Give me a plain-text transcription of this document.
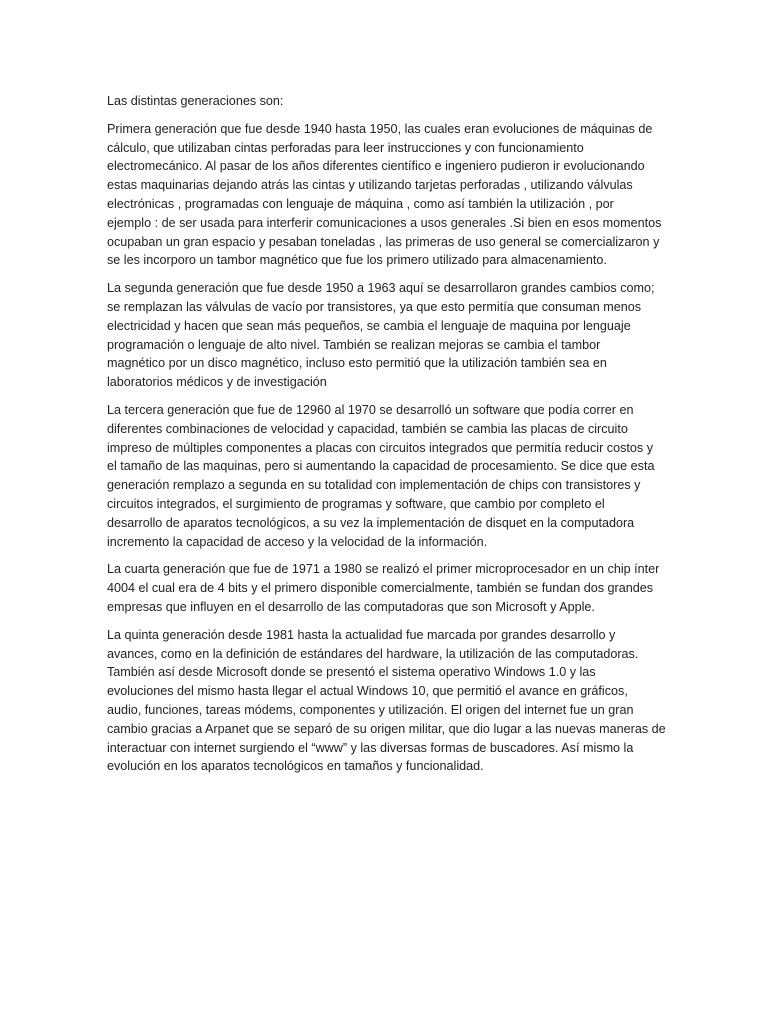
Las distintas generaciones son:
Primera generación que fue desde 1940 hasta 1950, las cuales eran evoluciones de máquinas de
cálculo, que utilizaban cintas perforadas para leer instrucciones y con funcionamiento
electromecánico. Al pasar de los años diferentes científico e ingeniero pudieron ir evolucionando
estas maquinarias dejando atrás las cintas y utilizando tarjetas perforadas , utilizando válvulas
electrónicas , programadas con lenguaje de máquina , como así también la utilización , por
ejemplo : de ser usada para interferir comunicaciones a usos generales .Si bien en esos momentos
ocupaban un gran espacio y pesaban toneladas , las primeras de uso general se comercializaron y
se les incorporo un tambor magnético que fue los primero utilizado para almacenamiento.
La segunda generación que fue desde 1950 a 1963 aquí se desarrollaron grandes cambios como;
se remplazan las válvulas de vacío por transistores, ya que esto permitía que consuman menos
electricidad y hacen que sean más pequeños, se cambia el lenguaje de maquina por lenguaje
programación o lenguaje de alto nivel. También se realizan mejoras se cambia el tambor
magnético por un disco magnético, incluso esto permitió que la utilización también sea en
laboratorios médicos y de investigación
La tercera generación que fue de 12960 al 1970 se desarrolló un software que podía correr en
diferentes combinaciones de velocidad y capacidad, también se cambia las placas de circuito
impreso de múltiples componentes a placas con circuitos integrados que permitía reducir costos y
el tamaño de las maquinas, pero si aumentando la capacidad de procesamiento. Se dice que esta
generación remplazo a segunda en su totalidad con implementación de chips con transistores y
circuitos integrados, el surgimiento de programas y software, que cambio por completo el
desarrollo de aparatos tecnológicos, a su vez la implementación de disquet en la computadora
incremento la capacidad de acceso y la velocidad de la información.
La cuarta generación que fue de 1971 a 1980 se realizó el primer microprocesador en un chip ínter
4004 el cual era de 4 bits y el primero disponible comercialmente, también se fundan dos grandes
empresas que influyen en el desarrollo de las computadoras que son Microsoft y Apple.
La quinta generación desde 1981 hasta la actualidad fue marcada por grandes desarrollo y
avances, como en la definición de estándares del hardware, la utilización de las computadoras.
También así desde Microsoft donde se presentó el sistema operativo Windows 1.0 y las
evoluciones del mismo hasta llegar el actual Windows 10, que permitió el avance en gráficos,
audio, funciones, tareas módems, componentes y utilización. El origen del internet fue un gran
cambio gracias a Arpanet que se separó de su origen militar, que dio lugar a las nuevas maneras de
interactuar con internet surgiendo el “www” y las diversas formas de buscadores. Así mismo la
evolución en los aparatos tecnológicos en tamaños y funcionalidad.
